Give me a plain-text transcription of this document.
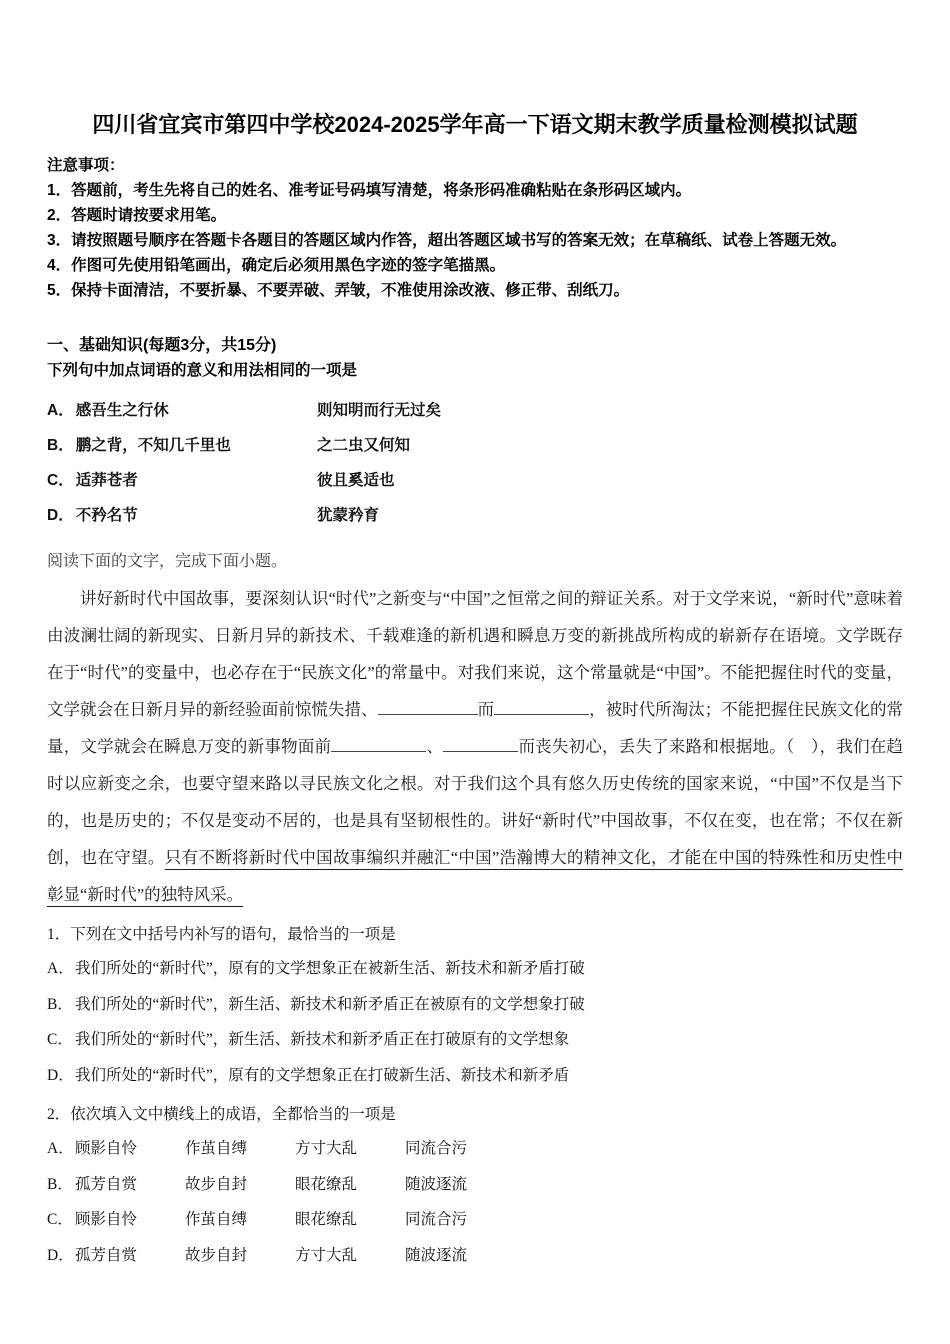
四川省宜宾市第四中学校2024-2025学年高一下语文期末教学质量检测模拟试题
注意事项：
1．答题前，考生先将自己的姓名、准考证号码填写清楚，将条形码准确粘贴在条形码区域内。
2．答题时请按要求用笔。
3．请按照题号顺序在答题卡各题目的答题区域内作答，超出答题区域书写的答案无效；在草稿纸、试卷上答题无效。
4．作图可先使用铅笔画出，确定后必须用黑色字迹的签字笔描黑。
5．保持卡面清洁，不要折暴、不要弄破、弄皱，不准使用涂改液、修正带、刮纸刀。
一、基础知识(每题3分，共15分)
下列句中加点词语的意义和用法相同的一项是
A． 感吾生之行休	则知明而行无过矣
B． 鹏之背，不知几千里也	之二虫又何知
C． 适莽苍者	彼且奚适也
D． 不矜名节	犹蒙矜育
阅读下面的文字，完成下面小题。

讲好新时代中国故事，要深刻认识“时代”之新变与“中国”之恒常之间的辩证关系。对于文学来说，“新时代”意味着由波澜壮阔的新现实、日新月异的新技术、千载难逢的新机遇和瞬息万变的新挑战所构成的崭新存在语境。文学既存在于“时代”的变量中，也必存在于“民族文化”的常量中。对我们来说，这个常量就是“中国”。不能把握住时代的变量，文学就会在日新月异的新经验面前惊慌失措、	而	，被时代所淘汰；不能把握住民族文化的常量，文学就会在瞬息万变的新事物面前	、	而丧失初心，丢失了来路和根据地。（　），我们在趋时以应新变之余，也要守望来路以寻民族文化之根。对于我们这个具有悠久历史传统的国家来说，“中国”不仅是当下的，也是历史的；不仅是变动不居的，也是具有坚韧根性的。讲好“新时代”中国故事，不仅在变，也在常；不仅在新创，也在守望。只有不断将新时代中国故事编织并融汇“中国”浩瀚博大的精神文化，才能在中国的特殊性和历史性中彰显“新时代”的独特风采。

1．下列在文中括号内补写的语句，最恰当的一项是
A．我们所处的“新时代”，原有的文学想象正在被新生活、新技术和新矛盾打破
B． 我们所处的“新时代”，新生活、新技术和新矛盾正在被原有的文学想象打破
C． 我们所处的“新时代”，新生活、新技术和新矛盾正在打破原有的文学想象
D．我们所处的“新时代”，原有的文学想象正在打破新生活、新技术和新矛盾
2．依次填入文中横线上的成语，全都恰当的一项是
A．顾影自怜	作茧自缚	方寸大乱	同流合污
B． 孤芳自赏	故步自封	眼花缭乱	随波逐流
C． 顾影自怜	作茧自缚	眼花缭乱	同流合污
D．孤芳自赏	故步自封	方寸大乱	随波逐流
